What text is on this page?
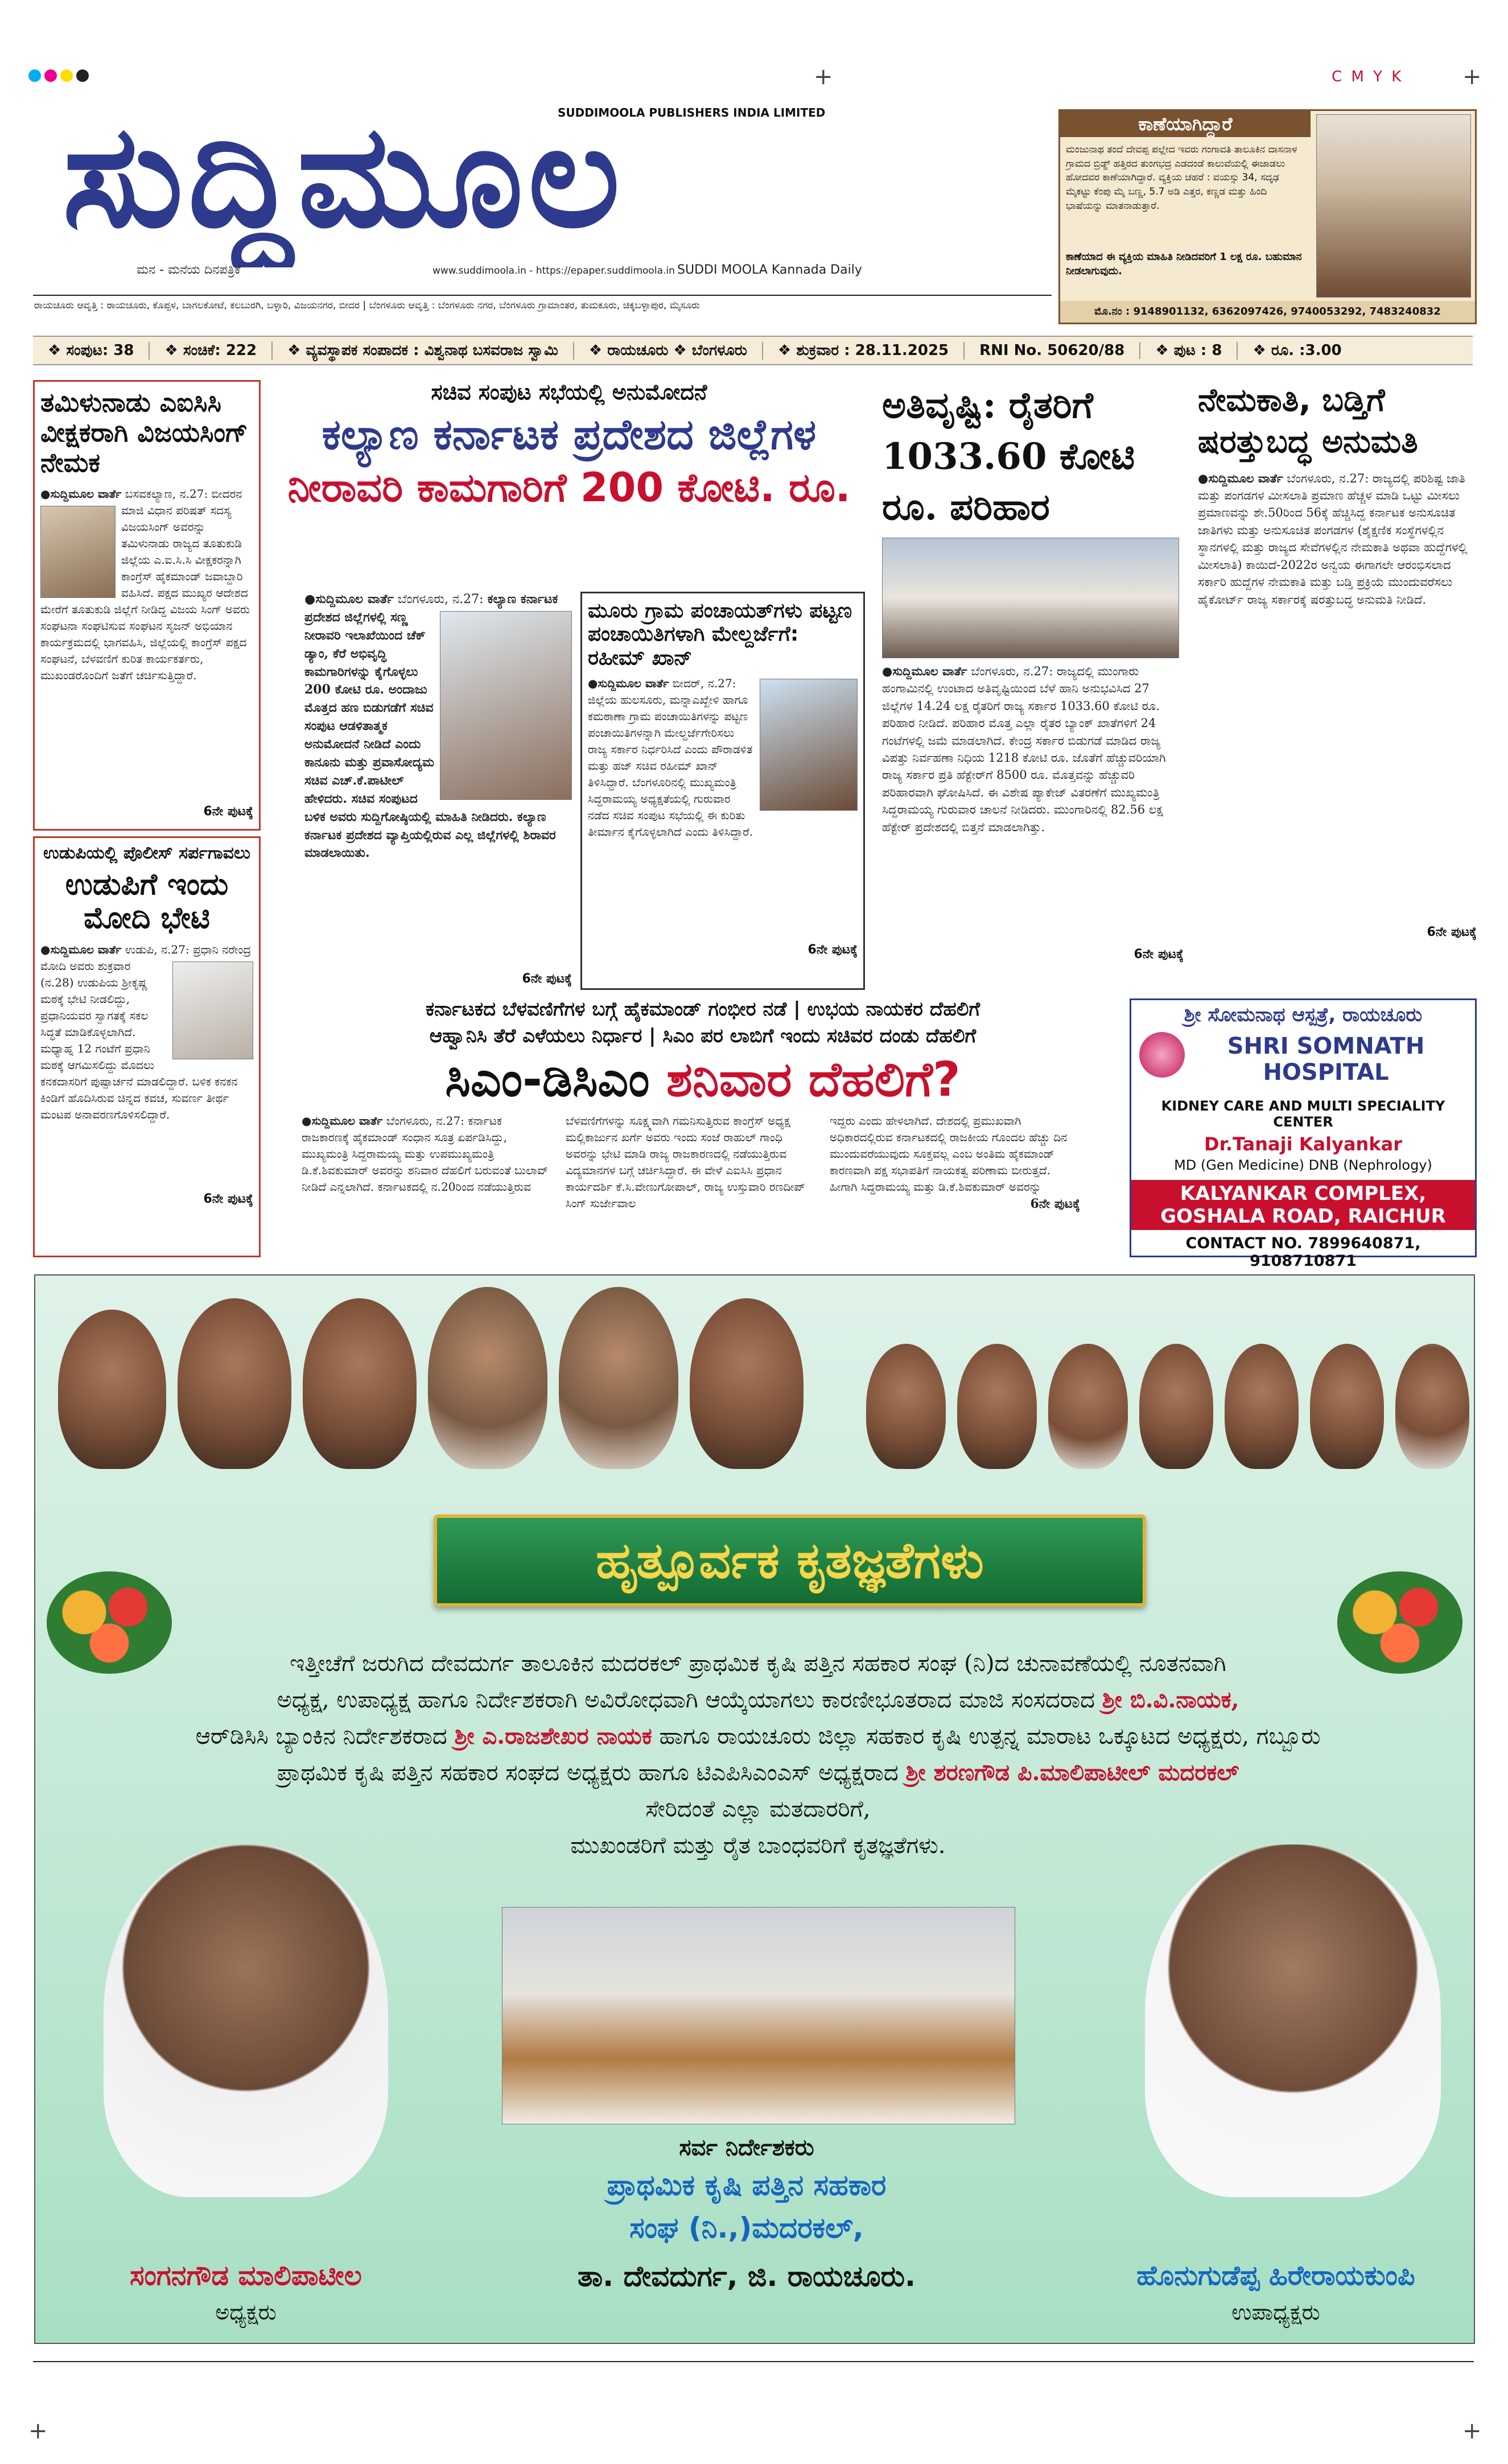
C M Y K
+	+
SUDDIMOOLA PUBLISHERS INDIA LIMITED
ಸುದ್ದಿಮೂಲ
ಮನ - ಮನೆಯ ದಿನಪತ್ರಿಕೆ	www.suddimoola.in - https://epaper.suddimoola.in SUDDI MOOLA Kannada Daily
ಕಾಣೆಯಾಗಿದ್ದಾರೆ
ಮಂಜುನಾಥ ತಂದೆ ದೇವಪ್ಪ ಪಲ್ಲೇದ ಇವರು ಗಂಗಾವತಿ ತಾಲೂಕಿನ ದಾಸನಾಳ ಗ್ರಾಮದ ಬ್ರಿಡ್ಜ್ ಹತ್ತಿರದ ತುಂಗಭದ್ರ ಎಡದಂಡೆ ಕಾಲುವೆಯಲ್ಲಿ ಈಜಾಡಲು ಹೋದವರ ಕಾಣೆಯಾಗಿದ್ದಾರೆ. ವ್ಯಕ್ತಿಯ ಚಹರೆ : ವಯಸ್ಸು 34, ಸದೃಢ ಮೈಕಟ್ಟು ಕೆಂಪು ಮೈ ಬಣ್ಣ, 5.7 ಅಡಿ ಎತ್ತರ, ಕಣ್ಣಡ ಮತ್ತು ಹಿಂದಿ ಭಾಷೆಯನ್ನು ಮಾತನಾಡುತ್ತಾರೆ.
ಕಾಣೆಯಾದ ಈ ವ್ಯಕ್ತಿಯ ಮಾಹಿತಿ ನೀಡಿದವರಿಗೆ 1 ಲಕ್ಷ ರೂ. ಬಹುಮಾನ ನೀಡಲಾಗುವುದು.
ಮೊ.ನಂ : 9148901132, 6362097426, 9740053292, 7483240832
ರಾಯಚೂರು ಆವೃತ್ತಿ : ರಾಯಚೂರು, ಕೊಪ್ಪಳ, ಬಾಗಲಕೋಟೆ, ಕಲಬುರಗಿ, ಬಳ್ಳಾರಿ, ವಿಜಯನಗರ, ಬೀದರ | ಬೆಂಗಳೂರು ಆವೃತ್ತಿ : ಬೆಂಗಳೂರು ನಗರ, ಬೆಂಗಳೂರು ಗ್ರಾಮಾಂತರ, ತುಮಕೂರು, ಚಿಕ್ಕಬಳ್ಳಾಪುರ, ಮೈಸೂರು
❖ ಸಂಪುಟ: 38	❖ ಸಂಚಿಕೆ: 222	❖ ವ್ಯವಸ್ಥಾಪಕ ಸಂಪಾದಕ : ವಿಶ್ವನಾಥ ಬಸವರಾಜ ಸ್ವಾಮಿ	❖ ರಾಯಚೂರು ❖ ಬೆಂಗಳೂರು	❖ ಶುಕ್ರವಾರ : 28.11.2025	RNI No. 50620/88	❖ ಪುಟ : 8	❖ ರೂ. :3.00
ತಮಿಳುನಾಡು ಎಐಸಿಸಿ ವೀಕ್ಷಕರಾಗಿ ವಿಜಯಸಿಂಗ್ ನೇಮಕ
●ಸುದ್ದಿಮೂಲ ವಾರ್ತೆ ಬಸವಕಲ್ಯಾಣ, ನ.27: ಬೀದರನ ಮಾಜಿ ವಿಧಾನ ಪರಿಷತ್ ಸದಸ್ಯ ವಿಜಯಸಿಂಗ್ ಅವರನ್ನು ತಮಿಳುನಾಡು ರಾಜ್ಯದ ತೂತುಕುಡಿ ಜಿಲ್ಲೆಯ ಎ.ಐ.ಸಿ.ಸಿ ವೀಕ್ಷಕರನ್ನಾಗಿ ಕಾಂಗ್ರೆಸ್ ಹೈಕಮಾಂಡ್ ಜವಾಬ್ದಾರಿ ವಹಿಸಿದೆ. ಪಕ್ಷದ ಮುಖ್ಯರ ಆದೇಶದ ಮೇರೆಗೆ ತೂತುಕುಡಿ ಜಿಲ್ಲೆಗೆ ನೀಡಿದ್ದ ವಿಜಯ ಸಿಂಗ್ ಅವರು ಸಂಘಟನಾ ಸಂಘಟಿಸುವ ಸಂಘಟನ ಸೃಜನ್ ಅಭಿಯಾನ ಕಾರ್ಯಕ್ರಮದಲ್ಲಿ ಭಾಗವಹಿಸಿ, ಜಿಲ್ಲೆಯಲ್ಲಿ ಕಾಂಗ್ರೆಸ್ ಪಕ್ಷದ ಸಂಘಟನೆ, ಬೆಳವಣಿಗೆ ಕುರಿತ ಕಾರ್ಯಕರ್ತರು, ಮುಖಂಡರೊಂದಿಗೆ ಜತೆಗೆ ಚರ್ಚಿಸುತ್ತಿದ್ದಾರೆ.
6ನೇ ಪುಟಕ್ಕೆ
ಉಡುಪಿಯಲ್ಲಿ ಪೊಲೀಸ್ ಸರ್ಪಗಾವಲು
ಉಡುಪಿಗೆ ಇಂದು ಮೋದಿ ಭೇಟಿ
●ಸುದ್ದಿಮೂಲ ವಾರ್ತೆ ಉಡುಪಿ, ನ.27: ಪ್ರಧಾನಿ ನರೇಂದ್ರ ಮೋದಿ ಅವರು ಶುಕ್ರವಾರ (ನ.28) ಉಡುಪಿಯ ಶ್ರೀಕೃಷ್ಣ ಮಠಕ್ಕೆ ಭೇಟಿ ನೀಡಲಿದ್ದು, ಪ್ರಧಾನಿಯವರ ಸ್ವಾಗತಕ್ಕೆ ಸಕಲ ಸಿದ್ಧತೆ ಮಾಡಿಕೊಳ್ಳಲಾಗಿದೆ. ಮಧ್ಯಾಹ್ನ 12 ಗಂಟೆಗೆ ಪ್ರಧಾನಿ ಮಠಕ್ಕೆ ಆಗಮಿಸಲಿದ್ದು ಮೊದಲು ಕನಕದಾಸರಿಗೆ ಪುಷ್ಪಾರ್ಚನೆ ಮಾಡಲಿದ್ದಾರೆ. ಬಳಿಕ ಕನಕನ ಕಿಂಡಿಗೆ ಹೊದಿಸಿರುವ ಚಿನ್ನದ ಕವಚ, ಸುವರ್ಣ ತೀರ್ಥ ಮಂಟಪ ಅನಾವರಣಗೊಳಿಸಲಿದ್ದಾರೆ.
6ನೇ ಪುಟಕ್ಕೆ
ಸಚಿವ ಸಂಪುಟ ಸಭೆಯಲ್ಲಿ ಅನುಮೋದನೆ
ಕಲ್ಯಾಣ ಕರ್ನಾಟಕ ಪ್ರದೇಶದ ಜಿಲ್ಲೆಗಳ
ನೀರಾವರಿ ಕಾಮಗಾರಿಗೆ 200 ಕೋಟಿ. ರೂ.
●ಸುದ್ದಿಮೂಲ ವಾರ್ತೆ ಬೆಂಗಳೂರು, ನ.27: ಕಲ್ಯಾಣ ಕರ್ನಾಟಕ ಪ್ರದೇಶದ ಜಿಲ್ಲೆಗಳಲ್ಲಿ ಸಣ್ಣ ನೀರಾವರಿ ಇಲಾಖೆಯಿಂದ ಚೆಕ್ ಡ್ಯಾಂ, ಕೆರೆ ಅಭಿವೃದ್ಧಿ ಕಾಮಗಾರಿಗಳನ್ನು ಕೈಗೊಳ್ಳಲು 200 ಕೋಟಿ ರೂ. ಅಂದಾಜು ಮೊತ್ತದ ಹಣ ಬಿಡುಗಡೆಗೆ ಸಚಿವ ಸಂಪುಟ ಆಡಳಿತಾತ್ಮಕ ಅನುಮೋದನೆ ನೀಡಿದೆ ಎಂದು ಕಾನೂನು ಮತ್ತು ಪ್ರವಾಸೋದ್ಯಮ ಸಚಿವ ಎಚ್.ಕೆ.ಪಾಟೀಲ್ ಹೇಳಿದರು. ಸಚಿವ ಸಂಪುಟದ ಬಳಿಕ ಅವರು ಸುದ್ದಿಗೋಷ್ಠಿಯಲ್ಲಿ ಮಾಹಿತಿ ನೀಡಿದರು. ಕಲ್ಯಾಣ ಕರ್ನಾಟಕ ಪ್ರದೇಶದ ವ್ಯಾಪ್ತಿಯಲ್ಲಿರುವ ಎಲ್ಲ ಜಿಲ್ಲೆಗಳಲ್ಲಿ ಶಿರಾವರ ಮಾಡಲಾಯಿತು.
6ನೇ ಪುಟಕ್ಕೆ
ಮೂರು ಗ್ರಾಮ ಪಂಚಾಯತ್‌ಗಳು ಪಟ್ಟಣ ಪಂಚಾಯಿತಿಗಳಾಗಿ ಮೇಲ್ದರ್ಜೆಗೆ: ರಹೀಮ್ ಖಾನ್
●ಸುದ್ದಿಮೂಲ ವಾರ್ತೆ ಬೀದರ್, ನ.27:
ಜಿಲ್ಲೆಯ ಹುಲಸೂರು, ಮನ್ನಾಎಖ್ಖೇಳಿ ಹಾಗೂ ಕಮಠಾಣಾ ಗ್ರಾಮ ಪಂಚಾಯಿತಿಗಳನ್ನು ಪಟ್ಟಣ ಪಂಚಾಯಿತಿಗಳನ್ನಾಗಿ ಮೇಲ್ದರ್ಜೆಗೇರಿಸಲು ರಾಜ್ಯ ಸರ್ಕಾರ ನಿರ್ಧರಿಸಿದೆ ಎಂದು ಪೌರಾಡಳಿತ ಮತ್ತು ಹಜ್ ಸಚಿವ ರಹೀಮ್ ಖಾನ್ ತಿಳಿಸಿದ್ದಾರೆ. ಬೆಂಗಳೂರಿನಲ್ಲಿ ಮುಖ್ಯಮಂತ್ರಿ ಸಿದ್ದರಾಮಯ್ಯ ಅಧ್ಯಕ್ಷತೆಯಲ್ಲಿ ಗುರುವಾರ ನಡೆದ ಸಚಿವ ಸಂಪುಟ ಸಭೆಯಲ್ಲಿ ಈ ಕುರಿತು ತೀರ್ಮಾನ ಕೈಗೊಳ್ಳಲಾಗಿದೆ ಎಂದು ತಿಳಿಸಿದ್ದಾರೆ.
6ನೇ ಪುಟಕ್ಕೆ
ಅತಿವೃಷ್ಟಿ: ರೈತರಿಗೆ 1033.60 ಕೋಟಿ ರೂ. ಪರಿಹಾರ
●ಸುದ್ದಿಮೂಲ ವಾರ್ತೆ ಬೆಂಗಳೂರು, ನ.27: ರಾಜ್ಯದಲ್ಲಿ ಮುಂಗಾರು ಹಂಗಾಮಿನಲ್ಲಿ ಉಂಟಾದ ಅತಿವೃಷ್ಟಿಯಿಂದ ಬೆಳೆ ಹಾನಿ ಅನುಭವಿಸಿದ 27 ಜಿಲ್ಲೆಗಳ 14.24 ಲಕ್ಷ ರೈತರಿಗೆ ರಾಜ್ಯ ಸರ್ಕಾರ 1033.60 ಕೋಟಿ ರೂ. ಪರಿಹಾರ ನೀಡಿದೆ. ಪರಿಹಾರ ಮೊತ್ತ ಎಲ್ಲಾ ರೈತರ ಬ್ಯಾಂಕ್ ಖಾತೆಗಳಿಗೆ 24 ಗಂಟೆಗಳಲ್ಲಿ ಜಮೆ ಮಾಡಲಾಗಿದೆ. ಕೇಂದ್ರ ಸರ್ಕಾರ ಬಿಡುಗಡೆ ಮಾಡಿದ ರಾಜ್ಯ ವಿಪತ್ತು ನಿರ್ವಹಣಾ ನಿಧಿಯ 1218 ಕೋಟಿ ರೂ. ಜೊತೆಗೆ ಹೆಚ್ಚುವರಿಯಾಗಿ ರಾಜ್ಯ ಸರ್ಕಾರ ಪ್ರತಿ ಹೆಕ್ಟೇರ್‌ಗೆ 8500 ರೂ. ಮೊತ್ತವನ್ನು ಹೆಚ್ಚುವರಿ ಪರಿಹಾರವಾಗಿ ಘೋಷಿಸಿದೆ. ಈ ವಿಶೇಷ ಪ್ಯಾಕೇಜ್ ವಿತರಣೆಗೆ ಮುಖ್ಯಮಂತ್ರಿ ಸಿದ್ದರಾಮಯ್ಯ ಗುರುವಾರ ಚಾಲನೆ ನೀಡಿದರು. ಮುಂಗಾರಿನಲ್ಲಿ 82.56 ಲಕ್ಷ ಹೆಕ್ಟೇರ್ ಪ್ರದೇಶದಲ್ಲಿ ಬಿತ್ತನೆ ಮಾಡಲಾಗಿತ್ತು.
6ನೇ ಪುಟಕ್ಕೆ
ನೇಮಕಾತಿ, ಬಡ್ತಿಗೆ ಷರತ್ತುಬದ್ಧ ಅನುಮತಿ
●ಸುದ್ದಿಮೂಲ ವಾರ್ತೆ ಬೆಂಗಳೂರು, ನ.27: ರಾಜ್ಯದಲ್ಲಿ ಪರಿಶಿಷ್ಟ ಜಾತಿ ಮತ್ತು ಪಂಗಡಗಳ ಮೀಸಲಾತಿ ಪ್ರಮಾಣ ಹೆಚ್ಚಳ ಮಾಡಿ ಒಟ್ಟು ಮೀಸಲು ಪ್ರಮಾಣವನ್ನು ಶೇ.50ರಿಂದ 56ಕ್ಕೆ ಹೆಚ್ಚಿಸಿದ್ದ ಕರ್ನಾಟಕ ಅನುಸೂಚಿತ ಜಾತಿಗಳು ಮತ್ತು ಅನುಸೂಚಿತ ಪಂಗಡಗಳ (ಶೈಕ್ಷಣಿಕ ಸಂಸ್ಥೆಗಳಲ್ಲಿನ ಸ್ಥಾನಗಳಲ್ಲಿ ಮತ್ತು ರಾಜ್ಯದ ಸೇವೆಗಳಲ್ಲಿನ ನೇಮಕಾತಿ ಅಥವಾ ಹುದ್ದೆಗಳಲ್ಲಿ ಮೀಸಲಾತಿ) ಕಾಯಿದೆ-2022ರ ಅನ್ವಯ ಈಗಾಗಲೇ ಆರಂಭಿಸಲಾದ ಸರ್ಕಾರಿ ಹುದ್ದೆಗಳ ನೇಮಕಾತಿ ಮತ್ತು ಬಡ್ತಿ ಪ್ರಕ್ರಿಯೆ ಮುಂದುವರೆಸಲು ಹೈಕೋರ್ಟ್ ರಾಜ್ಯ ಸರ್ಕಾರಕ್ಕೆ ಷರತ್ತುಬದ್ಧ ಅನುಮತಿ ನೀಡಿದೆ.
6ನೇ ಪುಟಕ್ಕೆ
ಕರ್ನಾಟಕದ ಬೆಳವಣಿಗೆಗಳ ಬಗ್ಗೆ ಹೈಕಮಾಂಡ್ ಗಂಭೀರ ನಡೆ | ಉಭಯ ನಾಯಕರ ದೆಹಲಿಗೆ
ಆಹ್ವಾನಿಸಿ ತೆರೆ ಎಳೆಯಲು ನಿರ್ಧಾರ | ಸಿಎಂ ಪರ ಲಾಬಿಗೆ ಇಂದು ಸಚಿವರ ದಂಡು ದೆಹಲಿಗೆ
ಸಿಎಂ-ಡಿಸಿಎಂ ಶನಿವಾರ ದೆಹಲಿಗೆ?
●ಸುದ್ದಿಮೂಲ ವಾರ್ತೆ ಬೆಂಗಳೂರು, ನ.27: ಕರ್ನಾಟಕ ರಾಜಕಾರಣಕ್ಕೆ ಹೈಕಮಾಂಡ್ ಸಂಧಾನ ಸೂತ್ರ ಏರ್ಪಡಿಸಿದ್ದು, ಮುಖ್ಯಮಂತ್ರಿ ಸಿದ್ದರಾಮಯ್ಯ ಮತ್ತು ಉಪಮುಖ್ಯಮಂತ್ರಿ ಡಿ.ಕೆ.ಶಿವಕುಮಾರ್ ಅವರನ್ನು ಶನಿವಾರ ದೆಹಲಿಗೆ ಬರುವಂತೆ ಬುಲಾವ್ ನೀಡಿದೆ ಎನ್ನಲಾಗಿದೆ. ಕರ್ನಾಟಕದಲ್ಲಿ ನ.20ರಿಂದ ನಡೆಯುತ್ತಿರುವ
ಬೆಳವಣಿಗೆಗಳನ್ನು ಸೂಕ್ಷ್ಮವಾಗಿ ಗಮನಿಸುತ್ತಿರುವ ಕಾಂಗ್ರೆಸ್ ಅಧ್ಯಕ್ಷ ಮಲ್ಲಿಕಾರ್ಜುನ ಖರ್ಗೆ ಅವರು ಇಂದು ಸಂಜೆ ರಾಹುಲ್ ಗಾಂಧಿ ಅವರನ್ನು ಭೇಟಿ ಮಾಡಿ ರಾಜ್ಯ ರಾಜಕಾರಣದಲ್ಲಿ ನಡೆಯುತ್ತಿರುವ ವಿದ್ಯಮಾನಗಳ ಬಗ್ಗೆ ಚರ್ಚಿಸಿದ್ದಾರೆ. ಈ ವೇಳೆ ಎಐಸಿಸಿ ಪ್ರಧಾನ ಕಾರ್ಯದರ್ಶಿ ಕೆ.ಸಿ.ವೇಣುಗೋಪಾಲ್, ರಾಜ್ಯ ಉಸ್ತುವಾರಿ ರಣದೀಪ್ ಸಿಂಗ್ ಸುರ್ಜೇವಾಲ
ಇದ್ದರು ಎಂದು ಹೇಳಲಾಗಿದೆ. ದೇಶದಲ್ಲಿ ಪ್ರಮುಖವಾಗಿ ಅಧಿಕಾರದಲ್ಲಿರುವ ಕರ್ನಾಟಕದಲ್ಲಿ ರಾಜಕೀಯ ಗೊಂದಲ ಹೆಚ್ಚು ದಿನ ಮುಂದುವರೆಯುವುದು ಸೂಕ್ತವಲ್ಲ ಎಂಬ ಅಂತಿಮ ಹೈಕಮಾಂಡ್ ಕಾರಣವಾಗಿ ಪಕ್ಷ ಸಭಾಪತಿಗೆ ನಾಯಕತ್ವ ಪರಿಣಾಮ ಬೀರುತ್ತದೆ. ಹೀಗಾಗಿ ಸಿದ್ದರಾಮಯ್ಯ ಮತ್ತು ಡಿ.ಕೆ.ಶಿವಕುಮಾರ್ ಅವರನ್ನು
6ನೇ ಪುಟಕ್ಕೆ
ಶ್ರೀ ಸೋಮನಾಥ ಆಸ್ಪತ್ರೆ, ರಾಯಚೂರು
SHRI SOMNATH HOSPITAL
KIDNEY CARE AND MULTI SPECIALITY CENTER
Dr.Tanaji Kalyankar
MD (Gen Medicine) DNB (Nephrology)
KALYANKAR COMPLEX,
GOSHALA ROAD, RAICHUR
CONTACT NO. 7899640871, 9108710871
ಹೃತ್ಪೂರ್ವಕ ಕೃತಜ್ಞತೆಗಳು
ಇತ್ತೀಚೆಗೆ ಜರುಗಿದ ದೇವದುರ್ಗ ತಾಲೂಕಿನ ಮದರಕಲ್ ಪ್ರಾಥಮಿಕ ಕೃಷಿ ಪತ್ತಿನ ಸಹಕಾರ ಸಂಘ (ನಿ)ದ ಚುನಾವಣೆಯಲ್ಲಿ ನೂತನವಾಗಿ
ಅಧ್ಯಕ್ಷ, ಉಪಾಧ್ಯಕ್ಷ ಹಾಗೂ ನಿರ್ದೇಶಕರಾಗಿ ಅವಿರೋಧವಾಗಿ ಆಯ್ಕೆಯಾಗಲು ಕಾರಣೀಭೂತರಾದ ಮಾಜಿ ಸಂಸದರಾದ ಶ್ರೀ ಬಿ.ವಿ.ನಾಯಕ,
ಆರ್‌ಡಿಸಿಸಿ ಬ್ಯಾಂಕಿನ ನಿರ್ದೇಶಕರಾದ ಶ್ರೀ ಎ.ರಾಜಶೇಖರ ನಾಯಕ ಹಾಗೂ ರಾಯಚೂರು ಜಿಲ್ಲಾ ಸಹಕಾರ ಕೃಷಿ ಉತ್ಪನ್ನ ಮಾರಾಟ ಒಕ್ಕೂಟದ ಅಧ್ಯಕ್ಷರು, ಗಬ್ಬೂರು
ಪ್ರಾಥಮಿಕ ಕೃಷಿ ಪತ್ತಿನ ಸಹಕಾರ ಸಂಘದ ಅಧ್ಯಕ್ಷರು ಹಾಗೂ ಟಿಎಪಿಸಿಎಂಎಸ್ ಅಧ್ಯಕ್ಷರಾದ ಶ್ರೀ ಶರಣಗೌಡ ಪಿ.ಮಾಲಿಪಾಟೀಲ್ ಮದರಕಲ್
ಸೇರಿದಂತೆ ಎಲ್ಲಾ ಮತದಾರರಿಗೆ,
ಮುಖಂಡರಿಗೆ ಮತ್ತು ರೈತ ಬಾಂಧವರಿಗೆ ಕೃತಜ್ಞತೆಗಳು.
ಸಂಗನಗೌಡ ಮಾಲಿಪಾಟೀಲ
ಅಧ್ಯಕ್ಷರು
ಸರ್ವ ನಿರ್ದೇಶಕರು
ಪ್ರಾಥಮಿಕ ಕೃಷಿ ಪತ್ತಿನ ಸಹಕಾರ
ಸಂಘ (ನಿ.,)ಮದರಕಲ್,
ತಾ. ದೇವದುರ್ಗ, ಜಿ. ರಾಯಚೂರು.	ಹೊನುಗುಡೆಪ್ಪ ಹಿರೇರಾಯಕುಂಪಿ
ಉಪಾಧ್ಯಕ್ಷರು
+	+
